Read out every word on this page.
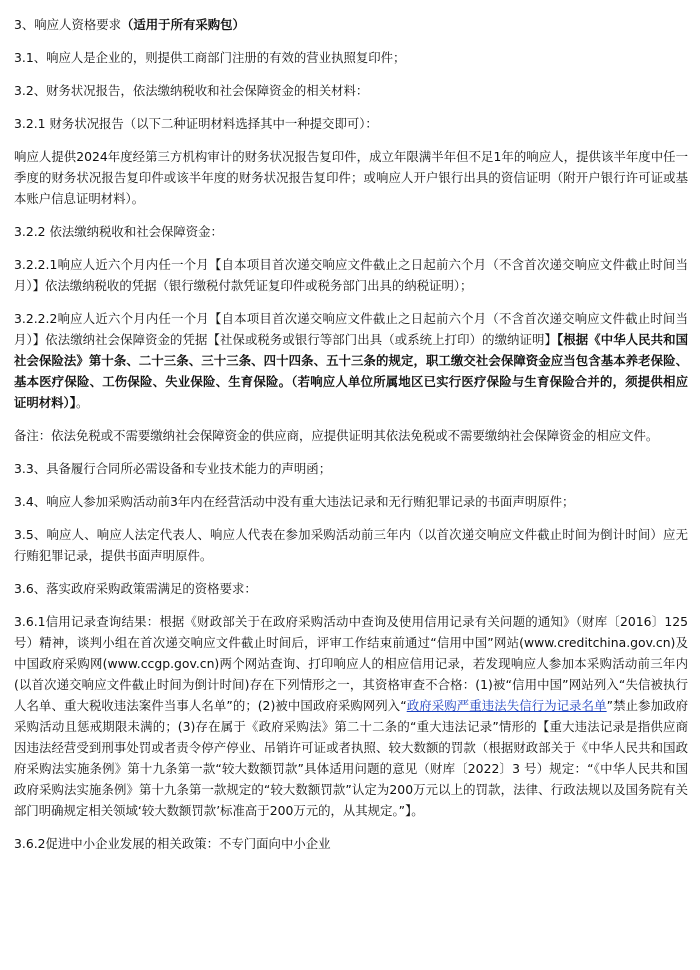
3、响应人资格要求（适用于所有采购包）

3.1、响应人是企业的，则提供工商部门注册的有效的营业执照复印件；

3.2、财务状况报告，依法缴纳税收和社会保障资金的相关材料：

3.2.1 财务状况报告（以下二种证明材料选择其中一种提交即可）：

响应人提供2024年度经第三方机构审计的财务状况报告复印件，成立年限满半年但不足1年的响应人，提供该半年度中任一季度的财务状况报告复印件或该半年度的财务状况报告复印件；或响应人开户银行出具的资信证明（附开户银行许可证或基本账户信息证明材料）。

3.2.2 依法缴纳税收和社会保障资金：

3.2.2.1响应人近六个月内任一个月【自本项目首次递交响应文件截止之日起前六个月（不含首次递交响应文件截止时间当月）】依法缴纳税收的凭据（银行缴税付款凭证复印件或税务部门出具的纳税证明）；

3.2.2.2响应人近六个月内任一个月【自本项目首次递交响应文件截止之日起前六个月（不含首次递交响应文件截止时间当月）】依法缴纳社会保障资金的凭据【社保或税务或银行等部门出具（或系统上打印）的缴纳证明】【根据《中华人民共和国社会保险法》第十条、二十三条、三十三条、四十四条、五十三条的规定，职工缴交社会保障资金应当包含基本养老保险、基本医疗保险、工伤保险、失业保险、生育保险。（若响应人单位所属地区已实行医疗保险与生育保险合并的，须提供相应证明材料）】。

备注：依法免税或不需要缴纳社会保障资金的供应商，应提供证明其依法免税或不需要缴纳社会保障资金的相应文件。

3.3、具备履行合同所必需设备和专业技术能力的声明函；

3.4、响应人参加采购活动前3年内在经营活动中没有重大违法记录和无行贿犯罪记录的书面声明原件；

3.5、响应人、响应人法定代表人、响应人代表在参加采购活动前三年内（以首次递交响应文件截止时间为倒计时间）应无行贿犯罪记录，提供书面声明原件。

3.6、落实政府采购政策需满足的资格要求：

3.6.1信用记录查询结果：根据《财政部关于在政府采购活动中查询及使用信用记录有关问题的通知》（财库〔2016〕125号）精神，谈判小组在首次递交响应文件截止时间后，评审工作结束前通过“信用中国”网站(www.creditchina.gov.cn)及中国政府采购网(www.ccgp.gov.cn)两个网站查询、打印响应人的相应信用记录，若发现响应人参加本采购活动前三年内(以首次递交响应文件截止时间为倒计时间)存在下列情形之一，其资格审查不合格：(1)被“信用中国”网站列入“失信被执行人名单、重大税收违法案件当事人名单”的；(2)被中国政府采购网列入“政府采购严重违法失信行为记录名单”禁止参加政府采购活动且惩戒期限未满的；(3)存在属于《政府采购法》第二十二条的“重大违法记录”情形的【重大违法记录是指供应商因违法经营受到刑事处罚或者责令停产停业、吊销许可证或者执照、较大数额的罚款（根据财政部关于《中华人民共和国政府采购法实施条例》第十九条第一款“较大数额罚款”具体适用问题的意见（财库〔2022〕3 号）规定：“《中华人民共和国政府采购法实施条例》第十九条第一款规定的“较大数额罚款”认定为200万元以上的罚款，法律、行政法规以及国务院有关部门明确规定相关领域‘较大数额罚款’标准高于200万元的，从其规定。”】。

3.6.2促进中小企业发展的相关政策：不专门面向中小企业
